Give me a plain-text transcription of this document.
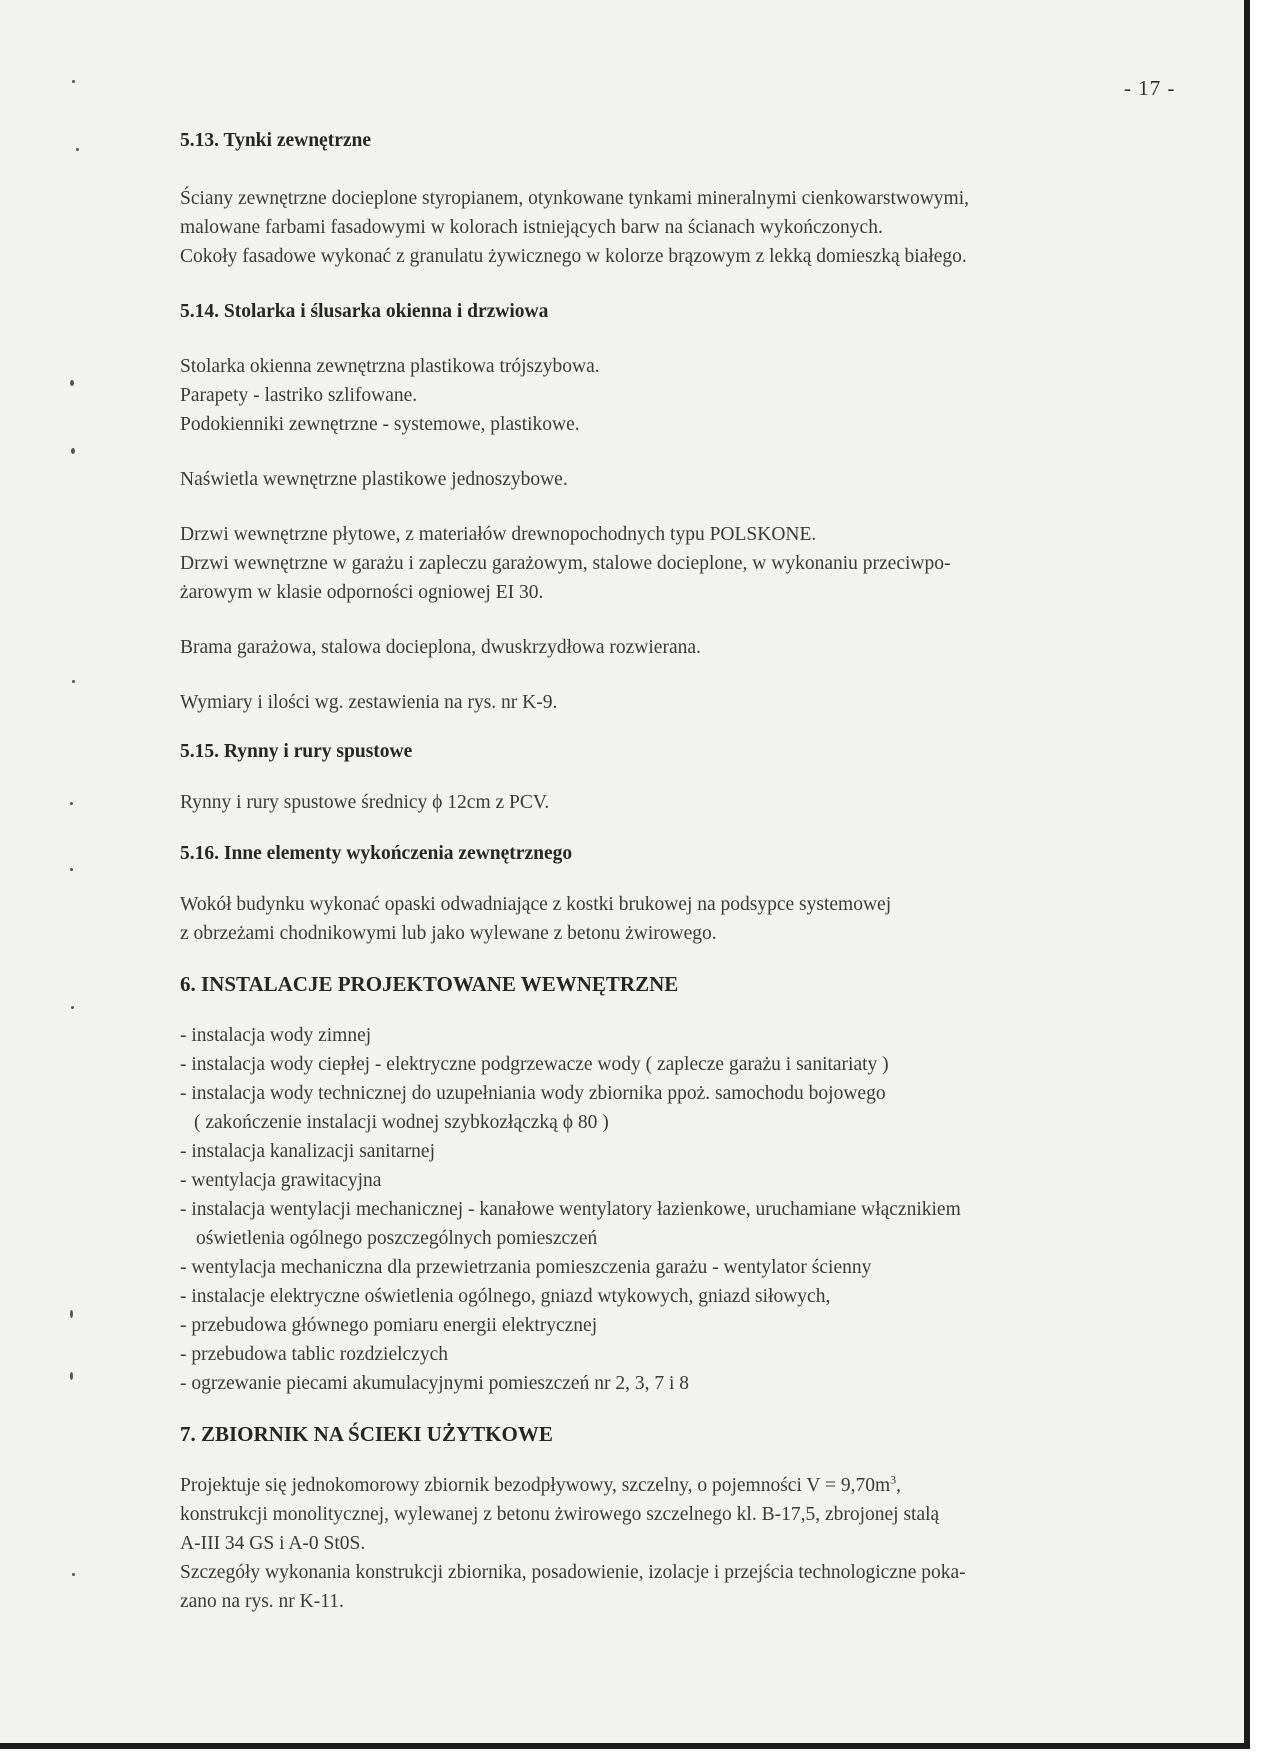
- 17 -

5.13. Tynki zewnętrzne

Ściany zewnętrzne docieplone styropianem, otynkowane tynkami mineralnymi cienkowarstwowymi,

malowane farbami fasadowymi w kolorach istniejących barw na ścianach wykończonych.

Cokoły fasadowe wykonać z granulatu żywicznego w kolorze brązowym z lekką domieszką białego.

5.14. Stolarka i ślusarka okienna i drzwiowa

Stolarka okienna zewnętrzna plastikowa trójszybowa.

Parapety - lastriko szlifowane.

Podokienniki zewnętrzne - systemowe, plastikowe.

Naświetla wewnętrzne plastikowe jednoszybowe.

Drzwi wewnętrzne płytowe, z materiałów drewnopochodnych typu POLSKONE.

Drzwi wewnętrzne w garażu i zapleczu garażowym, stalowe docieplone, w wykonaniu przeciwpo-

żarowym w klasie odporności ogniowej EI 30.

Brama garażowa, stalowa docieplona, dwuskrzydłowa rozwierana.

Wymiary i ilości wg. zestawienia na rys. nr K-9.

5.15. Rynny i rury spustowe

Rynny i rury spustowe średnicy ϕ 12cm z PCV.

5.16. Inne elementy wykończenia zewnętrznego

Wokół budynku wykonać opaski odwadniające z kostki brukowej na podsypce systemowej

z obrzeżami chodnikowymi lub jako wylewane z betonu żwirowego.

6. INSTALACJE PROJEKTOWANE WEWNĘTRZNE

- instalacja wody zimnej
- instalacja wody ciepłej - elektryczne podgrzewacze wody ( zaplecze garażu i sanitariaty )
- instalacja wody technicznej do uzupełniania wody zbiornika ppoż. samochodu bojowego
( zakończenie instalacji wodnej szybkozłączką ϕ 80 )
- instalacja kanalizacji sanitarnej
- wentylacja grawitacyjna
- instalacja wentylacji mechanicznej - kanałowe wentylatory łazienkowe, uruchamiane włącznikiem
oświetlenia ogólnego poszczególnych pomieszczeń
- wentylacja mechaniczna dla przewietrzania pomieszczenia garażu - wentylator ścienny
- instalacje elektryczne oświetlenia ogólnego, gniazd wtykowych, gniazd siłowych,
- przebudowa głównego pomiaru energii elektrycznej
- przebudowa tablic rozdzielczych
- ogrzewanie piecami akumulacyjnymi pomieszczeń nr 2, 3, 7 i 8

7. ZBIORNIK NA ŚCIEKI UŻYTKOWE

Projektuje się jednokomorowy zbiornik bezodpływowy, szczelny, o pojemności $V = 9,70m^3$,

konstrukcji monolitycznej, wylewanej z betonu żwirowego szczelnego kl. B-17,5, zbrojonej stalą

A-III 34 GS i A-0 St0S.

Szczegóły wykonania konstrukcji zbiornika, posadowienie, izolacje i przejścia technologiczne poka-

zano na rys. nr K-11.
